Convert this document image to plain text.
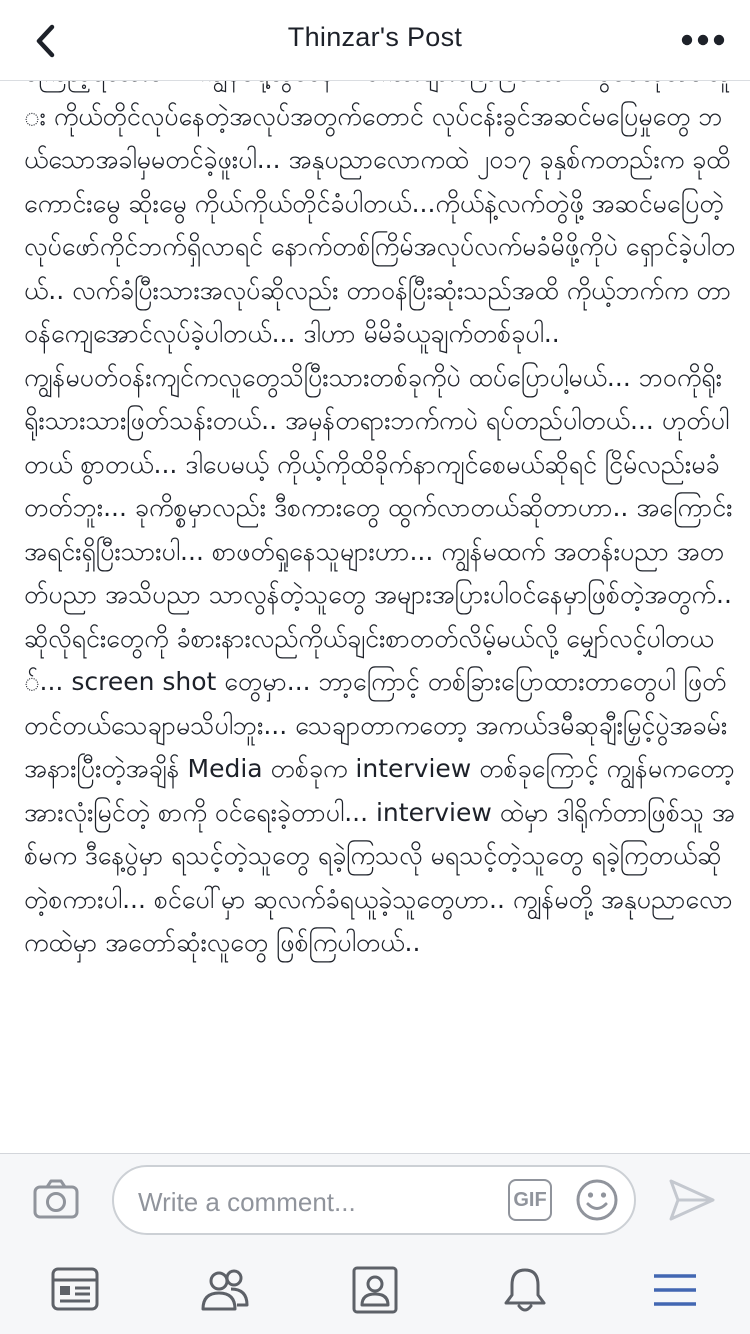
Thinzar's Post

း ကိုယ်တိုင်လုပ်နေတဲ့အလုပ်အတွက်တောင် လုပ်ငန်းခွင်အဆင်မပြေမှုတွေ ဘယ်သောအခါမှမတင်ခဲ့ဖူးပါ... အနုပညာလောကထဲ ၂၀၁၇ ခုနှစ်ကတည်းက ခုထိ ကောင်းမွေ ဆိုးမွေ ကိုယ်ကိုယ်တိုင်ခံပါတယ်...ကိုယ်နဲ့လက်တွဲဖို့ အဆင်မပြေတဲ့ လုပ်ဖော်ကိုင်ဘက်ရှိလာရင် နောက်တစ်ကြိမ်အလုပ်လက်မခံမိဖို့ကိုပဲ ရှောင်ခဲ့ပါတယ်.. လက်ခံပြီးသားအလုပ်ဆိုလည်း တာဝန်ပြီးဆုံးသည်အထိ ကိုယ့်ဘက်က တာဝန်ကျေအောင်လုပ်ခဲ့ပါတယ်... ဒါဟာ မိမိခံယူချက်တစ်ခုပါ..

ကျွန်မပတ်ဝန်းကျင်ကလူတွေသိပြီးသားတစ်ခုကိုပဲ ထပ်ပြောပါ့မယ်... ဘဝကိုရိုးရိုးသားသားဖြတ်သန်းတယ်.. အမှန်တရားဘက်ကပဲ ရပ်တည်ပါတယ်... ဟုတ်ပါတယ် စွာတယ်... ဒါပေမယ့် ကိုယ့်ကိုထိခိုက်နာကျင်စေမယ်ဆိုရင် ငြိမ်လည်းမခံတတ်ဘူး... ခုကိစ္စမှာလည်း ဒီစကားတွေ ထွက်လာတယ်ဆိုတာဟာ.. အကြောင်းအရင်းရှိပြီးသားပါ... စာဖတ်ရှုနေသူများဟာ... ကျွန်မထက် အတန်းပညာ အတတ်ပညာ အသိပညာ သာလွန်တဲ့သူတွေ အများအပြားပါဝင်နေမှာဖြစ်တဲ့အတွက်.. ဆိုလိုရင်းတွေကို ခံစားနားလည်ကိုယ်ချင်းစာတတ်လိမ့်မယ်လို့ မျှော်လင့်ပါတယ်... screen shot တွေမှာ... ဘာ့ကြောင့် တစ်ခြားပြောထားတာတွေပါ ဖြတ်တင်တယ်သေချာမသိပါဘူး... သေချာတာကတော့ အကယ်ဒမီဆုချီးမြှင့်ပွဲအခမ်းအနားပြီးတဲ့အချိန် Media တစ်ခုက interview တစ်ခုကြောင့် ကျွန်မကတော့ အားလုံးမြင်တဲ့ စာကို ဝင်ရေးခဲ့တာပါ... interview ထဲမှာ ဒါရိုက်တာဖြစ်သူ အစ်မက ဒီနေ့ပွဲမှာ ရသင့်တဲ့သူတွေ ရခဲ့ကြသလို မရသင့်တဲ့သူတွေ ရခဲ့ကြတယ်ဆိုတဲ့စကားပါ... စင်ပေါ်မှာ ဆုလက်ခံရယူခဲ့သူတွေဟာ.. ကျွန်မတို့ အနုပညာလောကထဲမှာ အတော်ဆုံးလူတွေ ဖြစ်ကြပါတယ်..

Write a comment...
GIF
